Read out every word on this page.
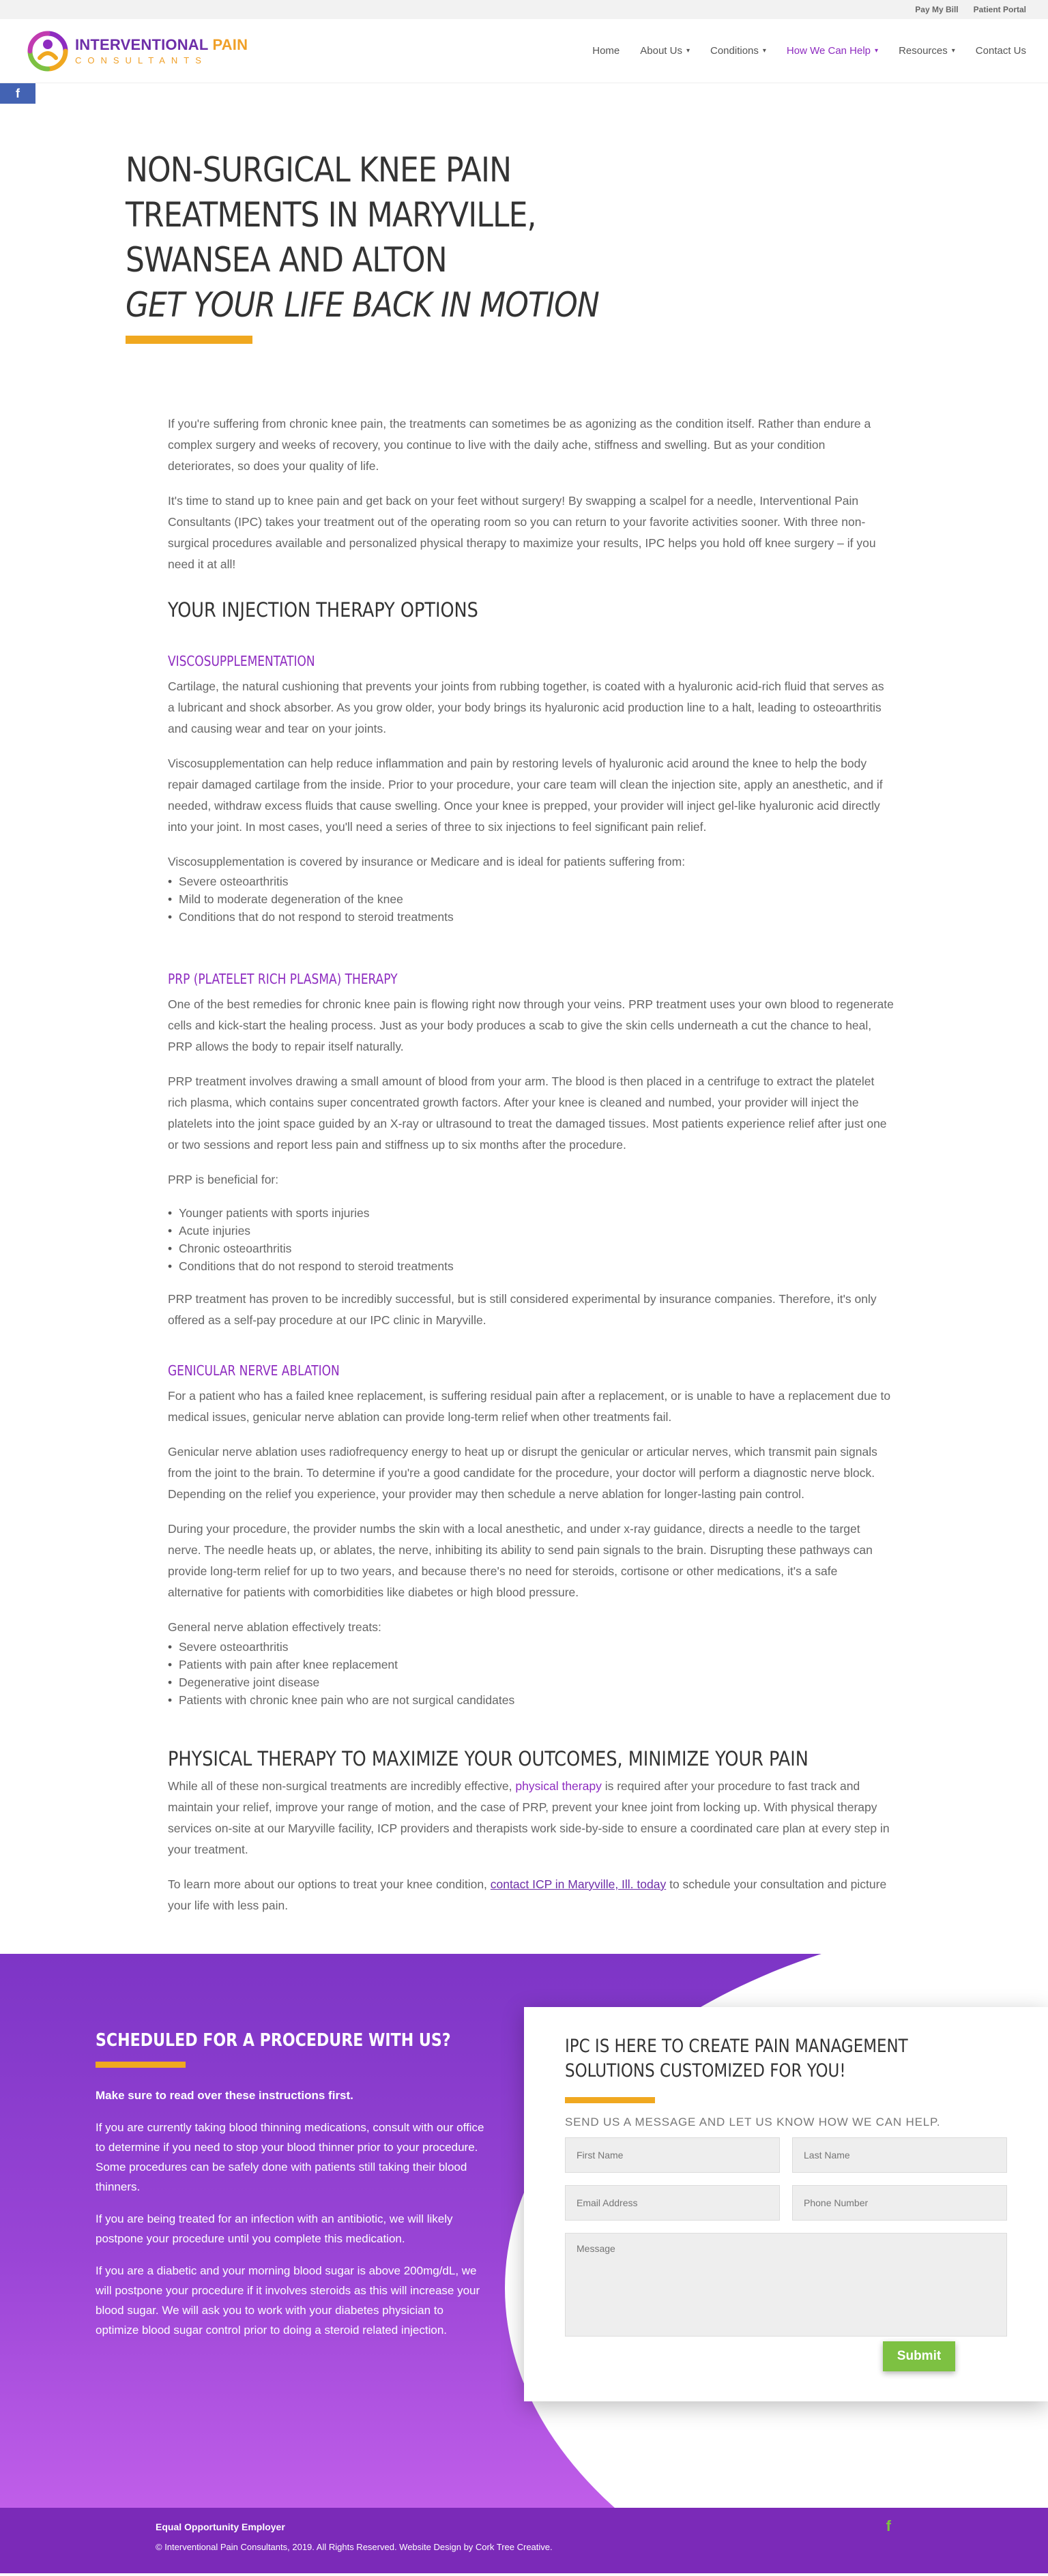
Pay My Bill Patient Portal
INTERVENTIONAL PAIN
CONSULTANTS
Home About Us ▾ Conditions ▾ How We Can Help ▾ Resources ▾ Contact Us
f
NON-SURGICAL KNEE PAIN
TREATMENTS IN MARYVILLE,
SWANSEA AND ALTON
GET YOUR LIFE BACK IN MOTION

If you're suffering from chronic knee pain, the treatments can sometimes be as agonizing as the condition itself. Rather than endure a complex surgery and weeks of recovery, you continue to live with the daily ache, stiffness and swelling. But as your condition deteriorates, so does your quality of life.

It's time to stand up to knee pain and get back on your feet without surgery! By swapping a scalpel for a needle, Interventional Pain Consultants (IPC) takes your treatment out of the operating room so you can return to your favorite activities sooner. With three non-surgical procedures available and personalized physical therapy to maximize your results, IPC helps you hold off knee surgery – if you need it at all!

YOUR INJECTION THERAPY OPTIONS
VISCOSUPPLEMENTATION

Cartilage, the natural cushioning that prevents your joints from rubbing together, is coated with a hyaluronic acid-rich fluid that serves as a lubricant and shock absorber. As you grow older, your body brings its hyaluronic acid production line to a halt, leading to osteoarthritis and causing wear and tear on your joints.

Viscosupplementation can help reduce inflammation and pain by restoring levels of hyaluronic acid around the knee to help the body repair damaged cartilage from the inside. Prior to your procedure, your care team will clean the injection site, apply an anesthetic, and if needed, withdraw excess fluids that cause swelling. Once your knee is prepped, your provider will inject gel-like hyaluronic acid directly into your joint. In most cases, you'll need a series of three to six injections to feel significant pain relief.

Viscosupplementation is covered by insurance or Medicare and is ideal for patients suffering from:

• Severe osteoarthritis
• Mild to moderate degeneration of the knee
• Conditions that do not respond to steroid treatments
PRP (PLATELET RICH PLASMA) THERAPY

One of the best remedies for chronic knee pain is flowing right now through your veins. PRP treatment uses your own blood to regenerate cells and kick-start the healing process. Just as your body produces a scab to give the skin cells underneath a cut the chance to heal, PRP allows the body to repair itself naturally.

PRP treatment involves drawing a small amount of blood from your arm. The blood is then placed in a centrifuge to extract the platelet rich plasma, which contains super concentrated growth factors. After your knee is cleaned and numbed, your provider will inject the platelets into the joint space guided by an X-ray or ultrasound to treat the damaged tissues. Most patients experience relief after just one or two sessions and report less pain and stiffness up to six months after the procedure.

PRP is beneficial for:

• Younger patients with sports injuries
• Acute injuries
• Chronic osteoarthritis
• Conditions that do not respond to steroid treatments

PRP treatment has proven to be incredibly successful, but is still considered experimental by insurance companies. Therefore, it's only offered as a self-pay procedure at our IPC clinic in Maryville.

GENICULAR NERVE ABLATION

For a patient who has a failed knee replacement, is suffering residual pain after a replacement, or is unable to have a replacement due to medical issues, genicular nerve ablation can provide long-term relief when other treatments fail.

Genicular nerve ablation uses radiofrequency energy to heat up or disrupt the genicular or articular nerves, which transmit pain signals from the joint to the brain. To determine if you're a good candidate for the procedure, your doctor will perform a diagnostic nerve block. Depending on the relief you experience, your provider may then schedule a nerve ablation for longer-lasting pain control.

During your procedure, the provider numbs the skin with a local anesthetic, and under x-ray guidance, directs a needle to the target nerve. The needle heats up, or ablates, the nerve, inhibiting its ability to send pain signals to the brain. Disrupting these pathways can provide long-term relief for up to two years, and because there's no need for steroids, cortisone or other medications, it's a safe alternative for patients with comorbidities like diabetes or high blood pressure.

General nerve ablation effectively treats:

• Severe osteoarthritis
• Patients with pain after knee replacement
• Degenerative joint disease
• Patients with chronic knee pain who are not surgical candidates
PHYSICAL THERAPY TO MAXIMIZE YOUR OUTCOMES, MINIMIZE YOUR PAIN

While all of these non-surgical treatments are incredibly effective, physical therapy is required after your procedure to fast track and maintain your relief, improve your range of motion, and the case of PRP, prevent your knee joint from locking up. With physical therapy services on-site at our Maryville facility, ICP providers and therapists work side-by-side to ensure a coordinated care plan at every step in your treatment.

To learn more about our options to treat your knee condition, contact ICP in Maryville, Ill. today to schedule your consultation and picture your life with less pain.

SCHEDULED FOR A PROCEDURE WITH US?

Make sure to read over these instructions first.

If you are currently taking blood thinning medications, consult with our office to determine if you need to stop your blood thinner prior to your procedure. Some procedures can be safely done with patients still taking their blood thinners.

If you are being treated for an infection with an antibiotic, we will likely postpone your procedure until you complete this medication.

If you are a diabetic and your morning blood sugar is above 200mg/dL, we will postpone your procedure if it involves steroids as this will increase your blood sugar. We will ask you to work with your diabetes physician to optimize blood sugar control prior to doing a steroid related injection.

IPC IS HERE TO CREATE PAIN MANAGEMENT SOLUTIONS CUSTOMIZED FOR YOU!
SEND US A MESSAGE AND LET US KNOW HOW WE CAN HELP.
First Name
Last Name
Email Address
Phone Number
Message
Submit
Equal Opportunity Employer
© Interventional Pain Consultants, 2019. All Rights Reserved. Website Design by Cork Tree Creative.
f
